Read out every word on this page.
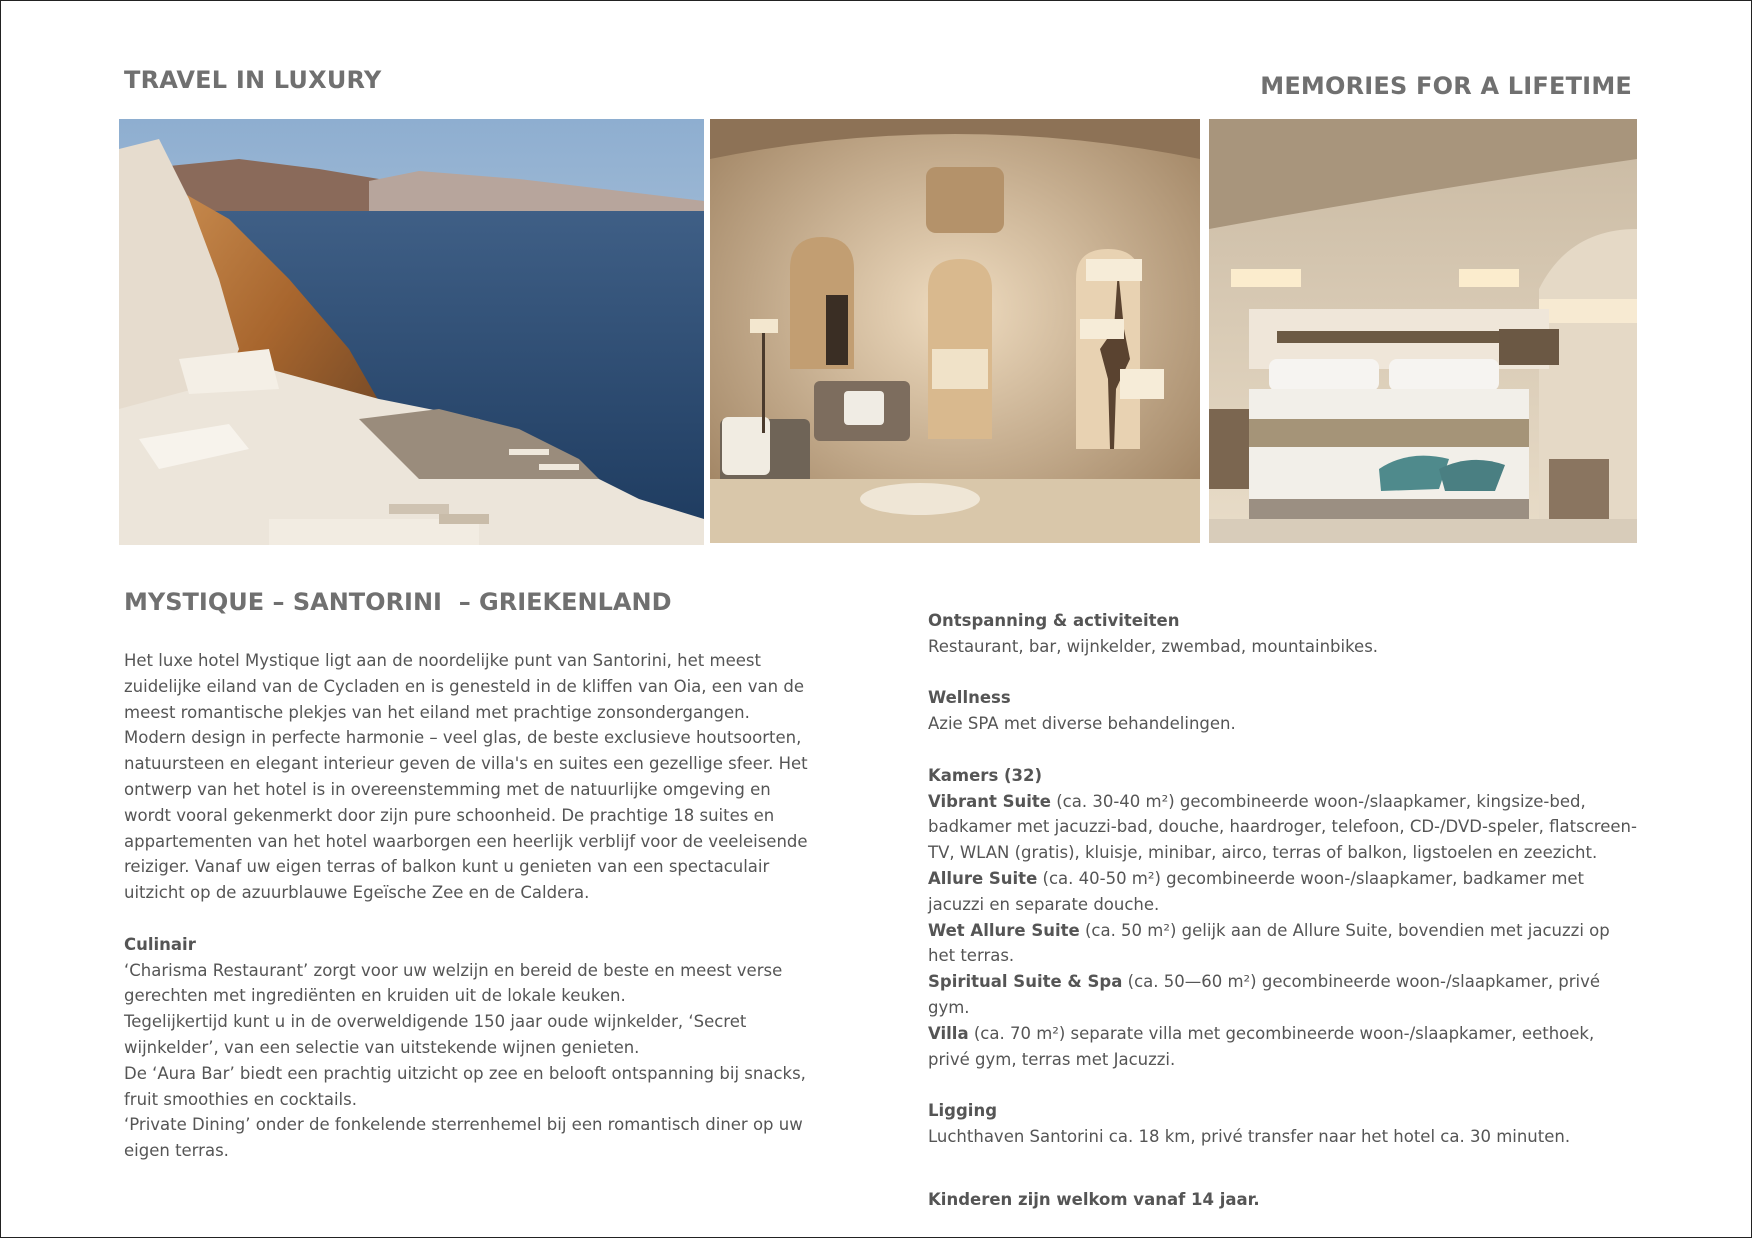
TRAVEL IN LUXURY	MEMORIES FOR A LIFETIME
MYSTIQUE – SANTORINI  – GRIEKENLAND

Het luxe hotel Mystique ligt aan de noordelijke punt van Santorini, het meest zuidelijke eiland van de Cycladen en is genesteld in de kliffen van Oia, een van de meest romantische plekjes van het eiland met prachtige zonsondergangen.

Modern design in perfecte harmonie – veel glas, de beste exclusieve houtsoorten, natuursteen en elegant interieur geven de villa's en suites een gezellige sfeer. Het ontwerp van het hotel is in overeenstemming met de natuurlijke omgeving en wordt vooral gekenmerkt door zijn pure schoonheid. De prachtige 18 suites en appartementen van het hotel waarborgen een heerlijk verblijf voor de veeleisende reiziger. Vanaf uw eigen terras of balkon kunt u genieten van een spectaculair uitzicht op de azuurblauwe Egeïsche Zee en de Caldera.

Culinair

‘Charisma Restaurant’ zorgt voor uw welzijn en bereid de beste en meest verse gerechten met ingrediënten en kruiden uit de lokale keuken.

Tegelijkertijd kunt u in de overweldigende 150 jaar oude wijnkelder, ‘Secret wijnkelder’, van een selectie van uitstekende wijnen genieten.

De ‘Aura Bar’ biedt een prachtig uitzicht op zee en belooft ontspanning bij snacks, fruit smoothies en cocktails.

‘Private Dining’ onder de fonkelende sterrenhemel bij een romantisch diner op uw eigen terras.

Ontspanning & activiteiten

Restaurant, bar, wijnkelder, zwembad, mountainbikes.

Wellness

Azie SPA met diverse behandelingen.

Kamers (32)

Vibrant Suite (ca. 30-40 m²) gecombineerde woon-/slaapkamer, kingsize-bed, badkamer met jacuzzi-bad, douche, haardroger, telefoon, CD-/DVD-speler, flatscreen-TV, WLAN (gratis), kluisje, minibar, airco, terras of balkon, ligstoelen en zeezicht.

Allure Suite (ca. 40-50 m²) gecombineerde woon-/slaapkamer, badkamer met jacuzzi en separate douche.

Wet Allure Suite (ca. 50 m²) gelijk aan de Allure Suite, bovendien met jacuzzi op het terras.

Spiritual Suite & Spa (ca. 50—60 m²) gecombineerde woon-/slaapkamer, privé gym.

Villa (ca. 70 m²) separate villa met gecombineerde woon-/slaapkamer, eethoek, privé gym, terras met Jacuzzi.

Ligging

Luchthaven Santorini ca. 18 km, privé transfer naar het hotel ca. 30 minuten.

Kinderen zijn welkom vanaf 14 jaar.
